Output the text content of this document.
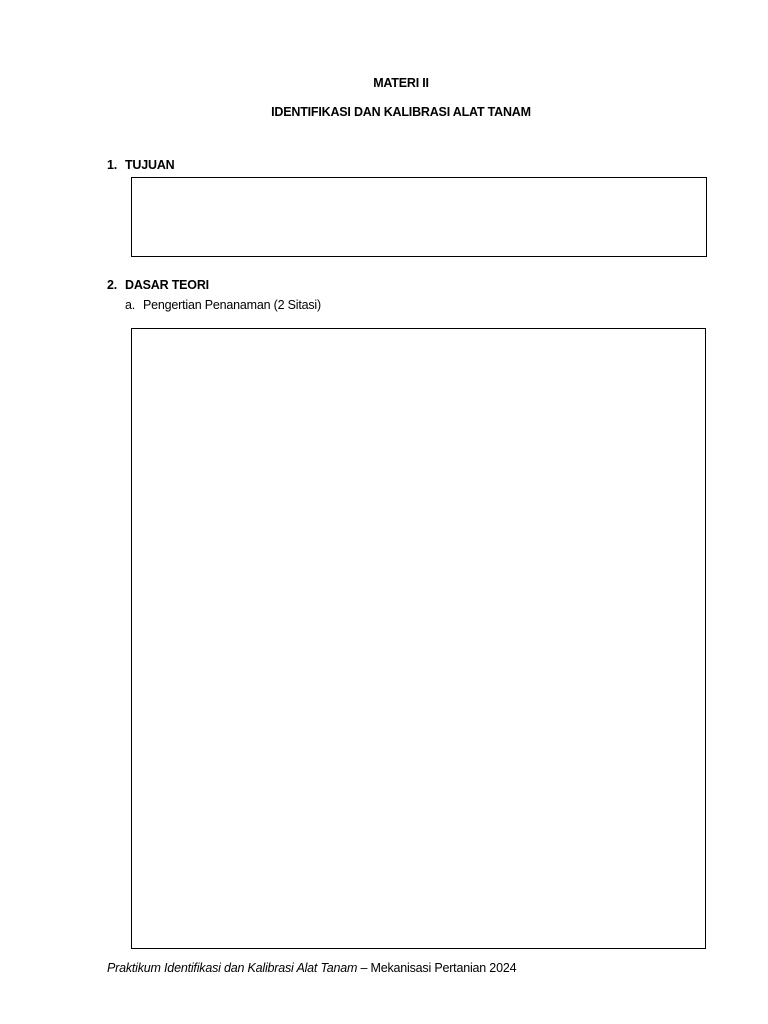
MATERI II
IDENTIFIKASI DAN KALIBRASI ALAT TANAM
1. TUJUAN
2. DASAR TEORI
a. Pengertian Penanaman (2 Sitasi)
Praktikum Identifikasi dan Kalibrasi Alat Tanam – Mekanisasi Pertanian 2024
